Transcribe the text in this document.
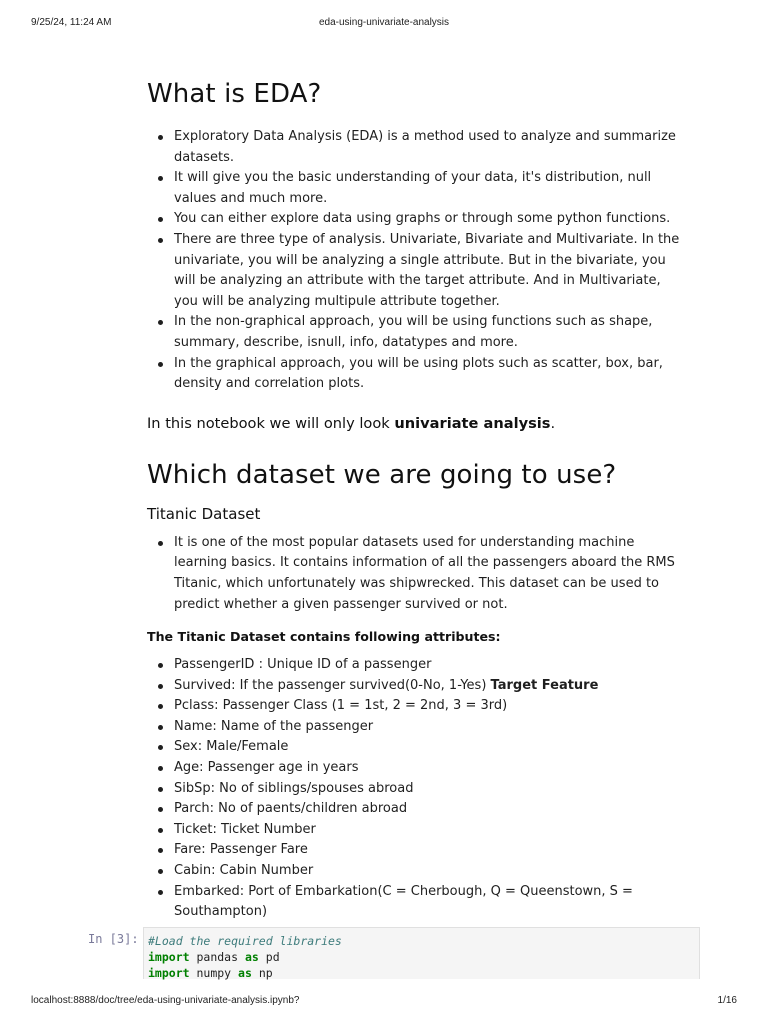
9/25/24, 11:24 AM	eda-using-univariate-analysis
What is EDA?
Exploratory Data Analysis (EDA) is a method used to analyze and summarize datasets.
It will give you the basic understanding of your data, it's distribution, null values and much more.
You can either explore data using graphs or through some python functions.
There are three type of analysis. Univariate, Bivariate and Multivariate. In the univariate, you will be analyzing a single attribute. But in the bivariate, you will be analyzing an attribute with the target attribute. And in Multivariate, you will be analyzing multipule attribute together.
In the non-graphical approach, you will be using functions such as shape, summary, describe, isnull, info, datatypes and more.
In the graphical approach, you will be using plots such as scatter, box, bar, density and correlation plots.

In this notebook we will only look univariate analysis.

Which dataset we are going to use?
Titanic Dataset
It is one of the most popular datasets used for understanding machine learning basics. It contains information of all the passengers aboard the RMS Titanic, which unfortunately was shipwrecked. This dataset can be used to predict whether a given passenger survived or not.

The Titanic Dataset contains following attributes:

PassengerID : Unique ID of a passenger
Survived: If the passenger survived(0-No, 1-Yes) Target Feature
Pclass: Passenger Class (1 = 1st, 2 = 2nd, 3 = 3rd)
Name: Name of the passenger
Sex: Male/Female
Age: Passenger age in years
SibSp: No of siblings/spouses abroad
Parch: No of paents/children abroad
Ticket: Ticket Number
Fare: Passenger Fare
Cabin: Cabin Number
Embarked: Port of Embarkation(C = Cherbough, Q = Queenstown, S = Southampton)
In [3]: #Load the required libraries
import pandas as pd
import numpy as np
localhost:8888/doc/tree/eda-using-univariate-analysis.ipynb?	1/16
